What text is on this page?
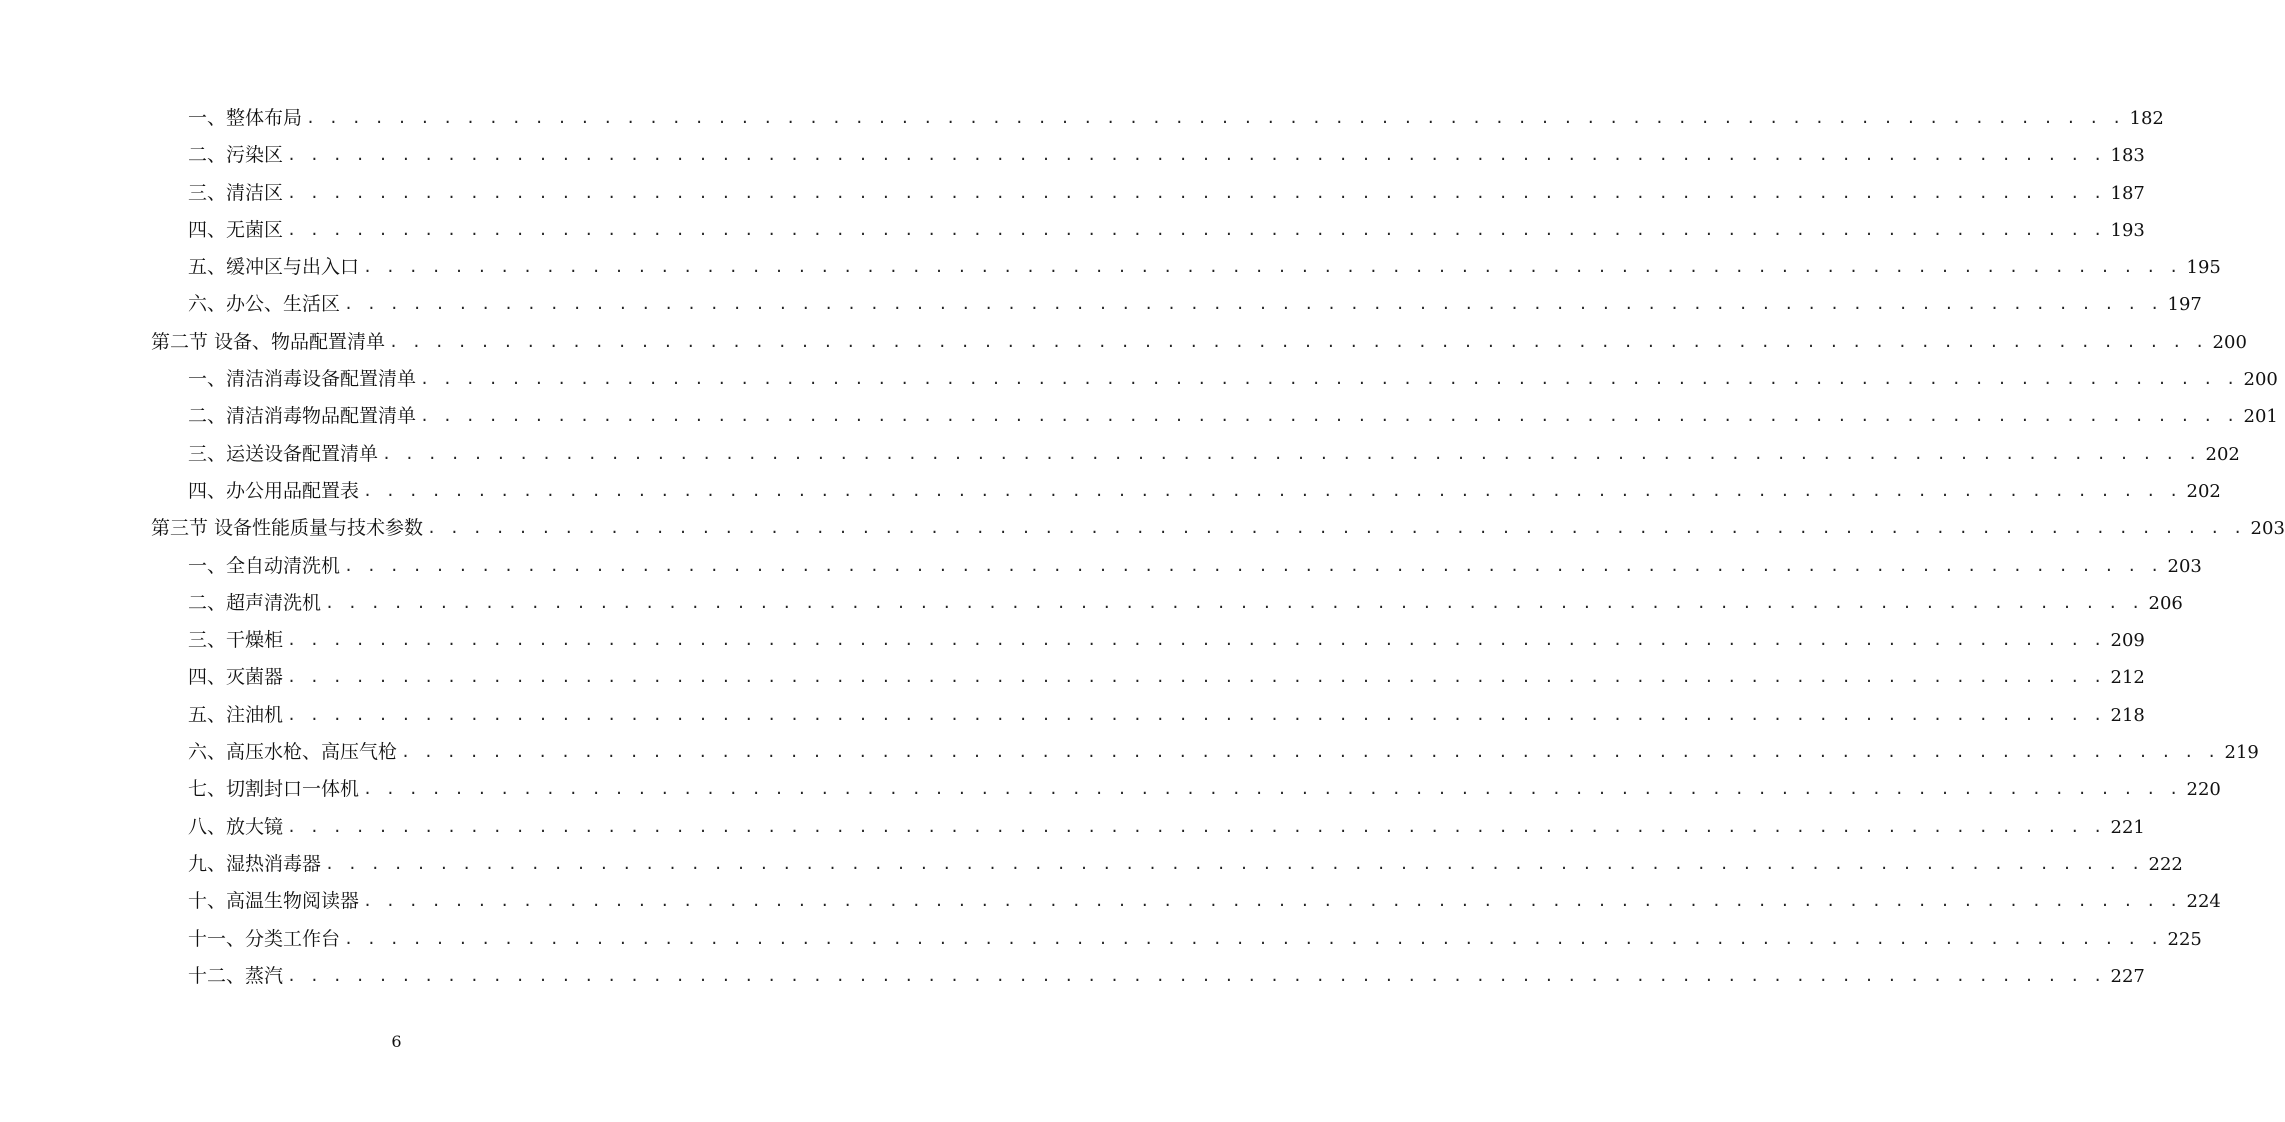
一、整体布局 . . . . . . . . . . . . . . . . . . . . . . . . . . . . . . . . . . . . . . . . . . . . . . . . . . . . . . . . . . . . . . . . . . . . . . . . . . . . . . . . 182
二、污染区 . . . . . . . . . . . . . . . . . . . . . . . . . . . . . . . . . . . . . . . . . . . . . . . . . . . . . . . . . . . . . . . . . . . . . . . . . . . . . . . . 183
三、清洁区 . . . . . . . . . . . . . . . . . . . . . . . . . . . . . . . . . . . . . . . . . . . . . . . . . . . . . . . . . . . . . . . . . . . . . . . . . . . . . . . . 187
四、无菌区 . . . . . . . . . . . . . . . . . . . . . . . . . . . . . . . . . . . . . . . . . . . . . . . . . . . . . . . . . . . . . . . . . . . . . . . . . . . . . . . . 193
五、缓冲区与出入口 . . . . . . . . . . . . . . . . . . . . . . . . . . . . . . . . . . . . . . . . . . . . . . . . . . . . . . . . . . . . . . . . . . . . . . . . . . . . . . . . 195
六、办公、生活区 . . . . . . . . . . . . . . . . . . . . . . . . . . . . . . . . . . . . . . . . . . . . . . . . . . . . . . . . . . . . . . . . . . . . . . . . . . . . . . . . 197
第二节 设备、物品配置清单 . . . . . . . . . . . . . . . . . . . . . . . . . . . . . . . . . . . . . . . . . . . . . . . . . . . . . . . . . . . . . . . . . . . . . . . . . . . . . . . . 200
一、清洁消毒设备配置清单 . . . . . . . . . . . . . . . . . . . . . . . . . . . . . . . . . . . . . . . . . . . . . . . . . . . . . . . . . . . . . . . . . . . . . . . . . . . . . . . . 200
二、清洁消毒物品配置清单 . . . . . . . . . . . . . . . . . . . . . . . . . . . . . . . . . . . . . . . . . . . . . . . . . . . . . . . . . . . . . . . . . . . . . . . . . . . . . . . . 201
三、运送设备配置清单 . . . . . . . . . . . . . . . . . . . . . . . . . . . . . . . . . . . . . . . . . . . . . . . . . . . . . . . . . . . . . . . . . . . . . . . . . . . . . . . . 202
四、办公用品配置表 . . . . . . . . . . . . . . . . . . . . . . . . . . . . . . . . . . . . . . . . . . . . . . . . . . . . . . . . . . . . . . . . . . . . . . . . . . . . . . . . 202
第三节 设备性能质量与技术参数 . . . . . . . . . . . . . . . . . . . . . . . . . . . . . . . . . . . . . . . . . . . . . . . . . . . . . . . . . . . . . . . . . . . . . . . . . . . . . . . . 203
一、全自动清洗机 . . . . . . . . . . . . . . . . . . . . . . . . . . . . . . . . . . . . . . . . . . . . . . . . . . . . . . . . . . . . . . . . . . . . . . . . . . . . . . . . 203
二、超声清洗机 . . . . . . . . . . . . . . . . . . . . . . . . . . . . . . . . . . . . . . . . . . . . . . . . . . . . . . . . . . . . . . . . . . . . . . . . . . . . . . . . 206
三、干燥柜 . . . . . . . . . . . . . . . . . . . . . . . . . . . . . . . . . . . . . . . . . . . . . . . . . . . . . . . . . . . . . . . . . . . . . . . . . . . . . . . . 209
四、灭菌器 . . . . . . . . . . . . . . . . . . . . . . . . . . . . . . . . . . . . . . . . . . . . . . . . . . . . . . . . . . . . . . . . . . . . . . . . . . . . . . . . 212
五、注油机 . . . . . . . . . . . . . . . . . . . . . . . . . . . . . . . . . . . . . . . . . . . . . . . . . . . . . . . . . . . . . . . . . . . . . . . . . . . . . . . . 218
六、高压水枪、高压气枪 . . . . . . . . . . . . . . . . . . . . . . . . . . . . . . . . . . . . . . . . . . . . . . . . . . . . . . . . . . . . . . . . . . . . . . . . . . . . . . . . 219
七、切割封口一体机 . . . . . . . . . . . . . . . . . . . . . . . . . . . . . . . . . . . . . . . . . . . . . . . . . . . . . . . . . . . . . . . . . . . . . . . . . . . . . . . . 220
八、放大镜 . . . . . . . . . . . . . . . . . . . . . . . . . . . . . . . . . . . . . . . . . . . . . . . . . . . . . . . . . . . . . . . . . . . . . . . . . . . . . . . . 221
九、湿热消毒器 . . . . . . . . . . . . . . . . . . . . . . . . . . . . . . . . . . . . . . . . . . . . . . . . . . . . . . . . . . . . . . . . . . . . . . . . . . . . . . . . 222
十、高温生物阅读器 . . . . . . . . . . . . . . . . . . . . . . . . . . . . . . . . . . . . . . . . . . . . . . . . . . . . . . . . . . . . . . . . . . . . . . . . . . . . . . . . 224
十一、分类工作台 . . . . . . . . . . . . . . . . . . . . . . . . . . . . . . . . . . . . . . . . . . . . . . . . . . . . . . . . . . . . . . . . . . . . . . . . . . . . . . . . 225
十二、蒸汽 . . . . . . . . . . . . . . . . . . . . . . . . . . . . . . . . . . . . . . . . . . . . . . . . . . . . . . . . . . . . . . . . . . . . . . . . . . . . . . . . 227
6
